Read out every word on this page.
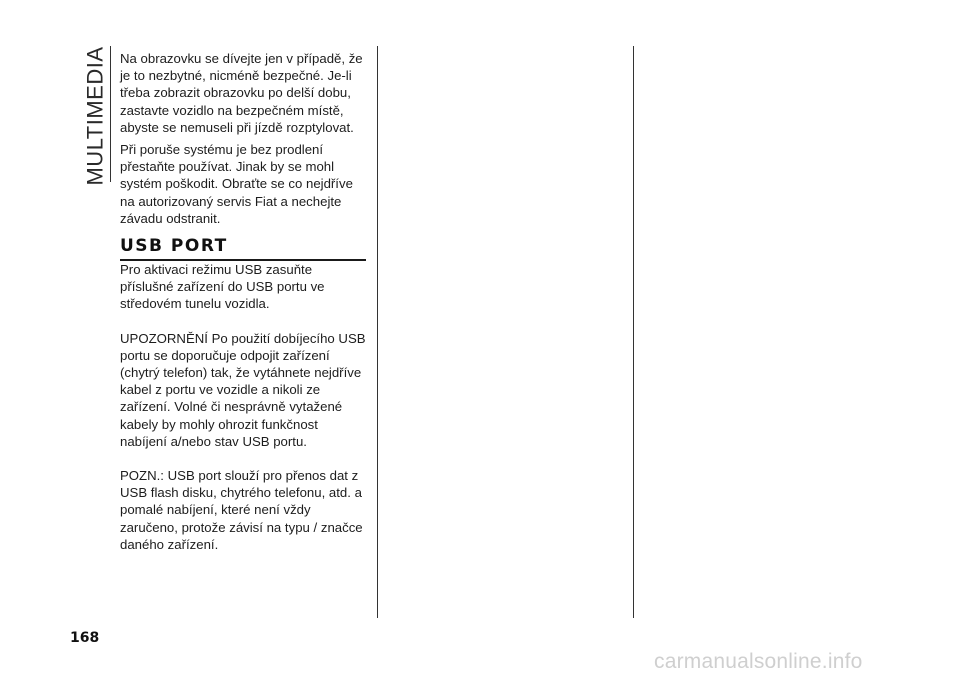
MULTIMEDIA Na obrazovku se dívejte jen v případě, že je to nezbytné, nicméně bezpečné. Je-li třeba zobrazit obrazovku po delší dobu, zastavte vozidlo na bezpečném místě, abyste se nemuseli při jízdě rozptylovat.

Při poruše systému je bez prodlení přestaňte používat. Jinak by se mohl systém poškodit. Obraťte se co nejdříve na autorizovaný servis Fiat a nechejte závadu odstranit.

USB PORT

Pro aktivaci režimu USB zasuňte příslušné zařízení do USB portu ve středovém tunelu vozidla.

UPOZORNĚNÍ Po použití dobíjecího USB portu se doporučuje odpojit zařízení (chytrý telefon) tak, že vytáhnete nejdříve kabel z portu ve vozidle a nikoli ze zařízení. Volné či nesprávně vytažené kabely by mohly ohrozit funkčnost nabíjení a/nebo stav USB portu.

POZN.: USB port slouží pro přenos dat z USB flash disku, chytrého telefonu, atd. a pomalé nabíjení, které není vždy zaručeno, protože závisí na typu / značce daného zařízení.

168
carmanualsonline.info
